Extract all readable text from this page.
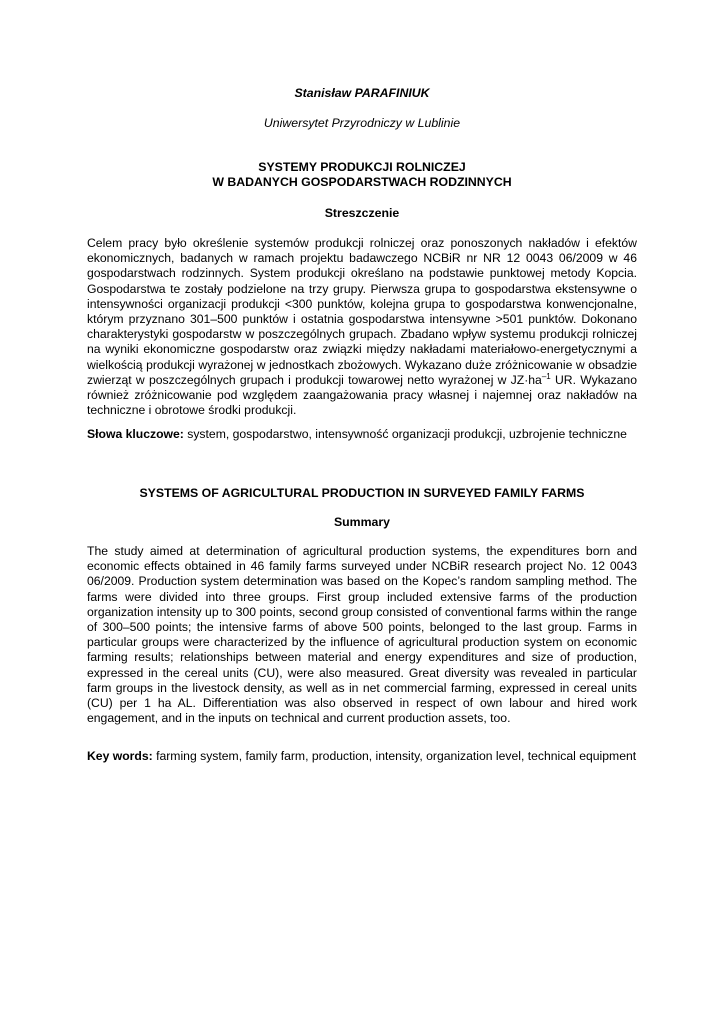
Stanisław PARAFINIUK
Uniwersytet Przyrodniczy w Lublinie
SYSTEMY PRODUKCJI ROLNICZEJ
W BADANYCH GOSPODARSTWACH RODZINNYCH
Streszczenie

Celem pracy było określenie systemów produkcji rolniczej oraz ponoszonych nakładów i efektów ekonomicznych, badanych w ramach projektu badawczego NCBiR nr NR 12 0043 06/2009 w 46 gospodarstwach rodzinnych. System produkcji określano na podstawie punktowej metody Kopcia. Gospodarstwa te zostały podzielone na trzy grupy. Pierwsza grupa to gospodarstwa ekstensywne o intensywności organizacji produkcji <300 punktów, kolejna grupa to gospodarstwa konwencjonalne, którym przyznano 301–500 punktów i ostatnia gospodarstwa intensywne >501 punktów. Dokonano charakterystyki gospodarstw w poszczególnych grupach. Zbadano wpływ systemu produkcji rolniczej na wyniki ekonomiczne gospodarstw oraz związki między nakładami materiałowo-energetycznymi a wielkością produkcji wyrażonej w jednostkach zbożowych. Wykazano duże zróżnicowanie w obsadzie zwierząt w poszczególnych grupach i produkcji towarowej netto wyrażonej w $JZ\cdot ha^{-1}$ UR. Wykazano również zróżnicowanie pod względem zaangażowania pracy własnej i najemnej oraz nakładów na techniczne i obrotowe środki produkcji.

Słowa kluczowe: system, gospodarstwo, intensywność organizacji produkcji, uzbrojenie techniczne

SYSTEMS OF AGRICULTURAL PRODUCTION IN SURVEYED FAMILY FARMS
Summary

The study aimed at determination of agricultural production systems, the expenditures born and economic effects obtained in 46 family farms surveyed under NCBiR research project No. 12 0043 06/2009. Production system determination was based on the Kopec’s random sampling method. The farms were divided into three groups. First group included extensive farms of the production organization intensity up to 300 points, second group consisted of conventional farms within the range of 300–500 points; the intensive farms of above 500 points, belonged to the last group. Farms in particular groups were characterized by the influence of agricultural production system on economic farming results; relationships between material and energy expenditures and size of production, expressed in the cereal units (CU), were also measured. Great diversity was revealed in particular farm groups in the livestock density, as well as in net commercial farming, expressed in cereal units (CU) per 1 ha AL. Differentiation was also observed in respect of own labour and hired work engagement, and in the inputs on technical and current production assets, too.

Key words: farming system, family farm, production, intensity, organization level, technical equipment
